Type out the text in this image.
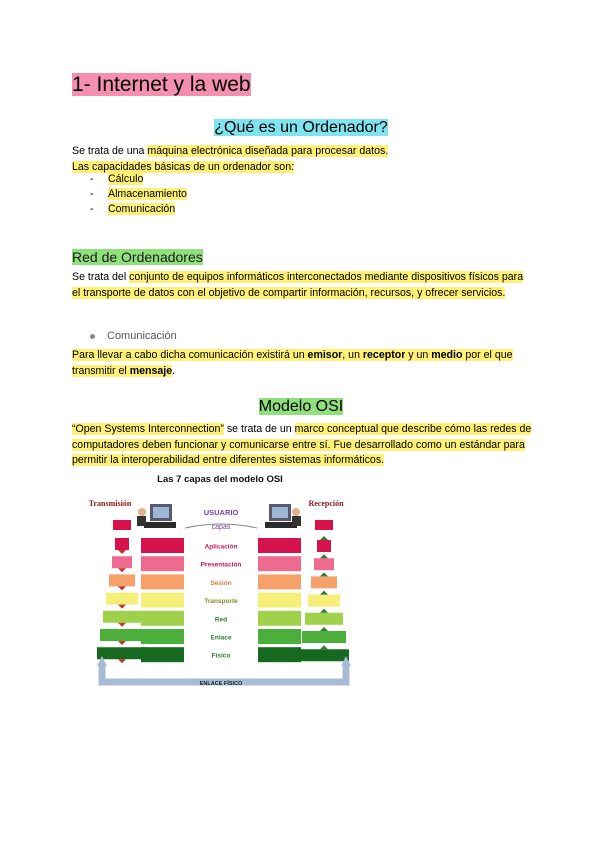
1- Internet y la web
¿Qué es un Ordenador?

Se trata de una máquina electrónica diseñada para procesar datos.
Las capacidades básicas de un ordenador son:

- Cálculo
- Almacenamiento
- Comunicación
Red de Ordenadores

Se trata del conjunto de equipos informáticos interconectados mediante dispositivos físicos para el transporte de datos con el objetivo de compartir información, recursos, y ofrecer servicios.

Comunicación

Para llevar a cabo dicha comunicación existirá un emisor, un receptor y un medio por el que transmitir el mensaje.

Modelo OSI

“Open Systems Interconnection” se trata de un marco conceptual que describe cómo las redes de computadores deben funcionar y comunicarse entre sí. Fue desarrollado como un estándar para permitir la interoperabilidad entre diferentes sistemas informáticos.

Las 7 capas del modelo OSI
Transmisión	Recepción
USUARIO
capas
Aplicación
Presentación
Sesión
Transporte
Red
Enlace
Físico
ENLACE FÍSICO
